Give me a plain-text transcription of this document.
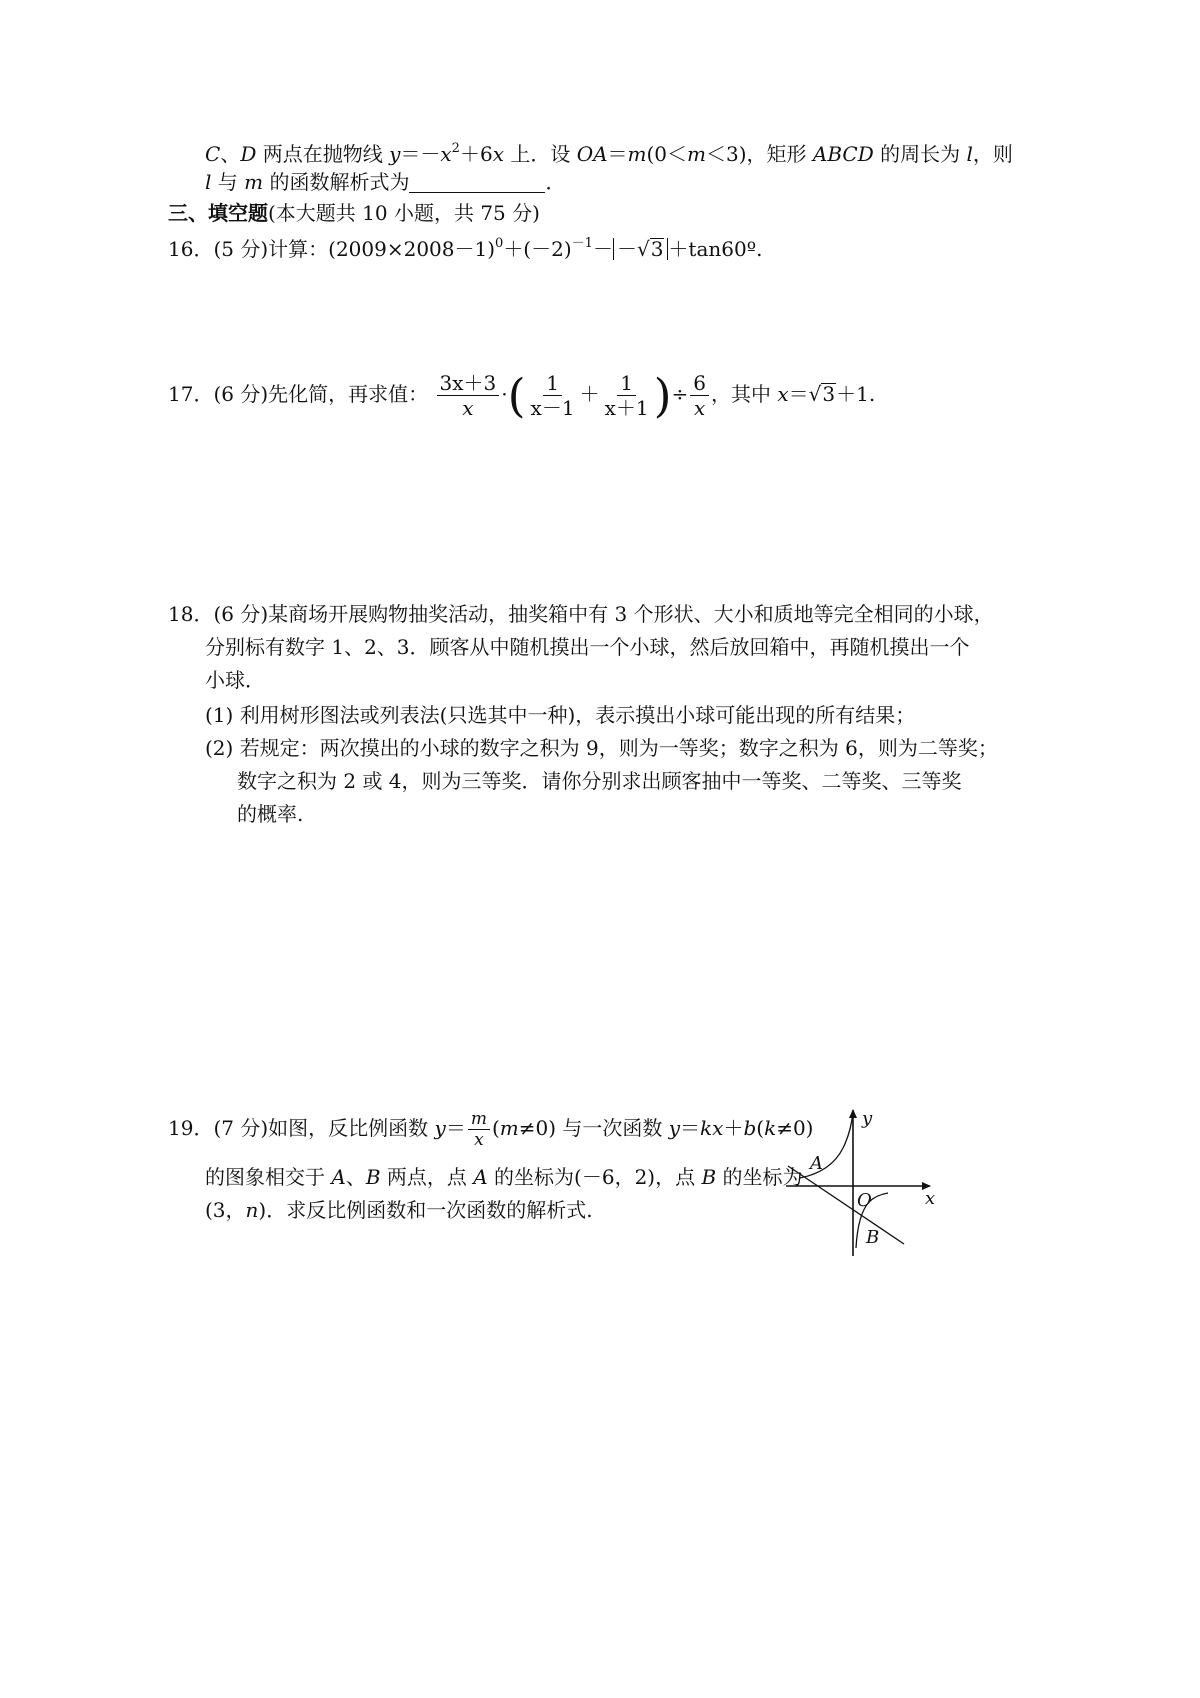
C、D 两点在抛物线 $y=-x^2+6x$ 上．设 OA＝m(0＜m＜3)，矩形 ABCD 的周长为 l，则
l 与 m 的函数解析式为	．
三、填空题(本大题共 10 小题，共 75 分)
16．(5 分)计算：$(2009\times 2008-1)^0+(-2)^{-1}- -√3$ ＋tan60º.
17．(6 分)先化简，再求值： $\frac{3x+3}{x}$ ·( $\frac{1}{x-1} + \frac{1}{x+1}$ )÷ $\frac{6}{x}$ ，其中 x＝√3＋1.
18．(6 分)某商场开展购物抽奖活动，抽奖箱中有 3 个形状、大小和质地等完全相同的小球，
分别标有数字 1、2、3．顾客从中随机摸出一个小球，然后放回箱中，再随机摸出一个
小球．
(1) 利用树形图法或列表法(只选其中一种)，表示摸出小球可能出现的所有结果；
(2) 若规定：两次摸出的小球的数字之积为 9，则为一等奖；数字之积为 6，则为二等奖；
数字之积为 2 或 4，则为三等奖．请你分别求出顾客抽中一等奖、二等奖、三等奖
的概率.
19．(7 分)如图，反比例函数 $y= \frac{m}{x} (m\ne 0)$ 与一次函数 y＝kx＋b(k≠0)
的图象相交于 A、B 两点，点 A 的坐标为(－6，2)，点 B 的坐标为
(3，n)．求反比例函数和一次函数的解析式.
y
x
O
A
B
